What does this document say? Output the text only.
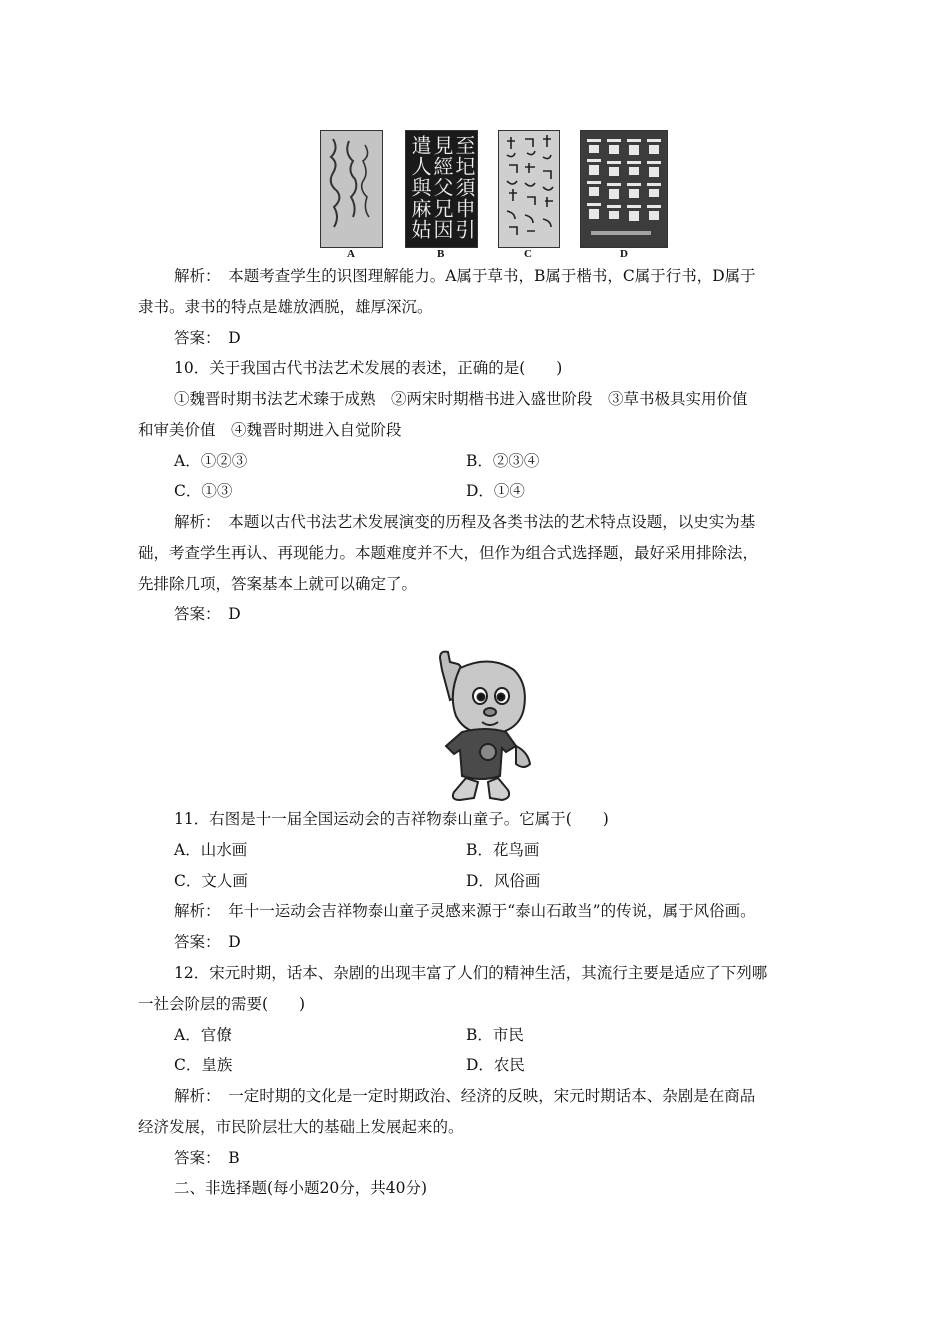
至𡉏須申引見經父兄因遣人與麻姑
A	B	C	D
解析：　本题考查学生的识图理解能力。A属于草书，B属于楷书，C属于行书，D属于
隶书。隶书的特点是雄放洒脱，雄厚深沉。
答案：　D
10．关于我国古代书法艺术发展的表述，正确的是(　　)
①魏晋时期书法艺术臻于成熟　②两宋时期楷书进入盛世阶段　③草书极具实用价值
和审美价值　④魏晋时期进入自觉阶段
A．①②③	B．②③④
C．①③	D．①④
解析：　本题以古代书法艺术发展演变的历程及各类书法的艺术特点设题，以史实为基
础，考查学生再认、再现能力。本题难度并不大，但作为组合式选择题，最好采用排除法，
先排除几项，答案基本上就可以确定了。
答案：　D
11．右图是十一届全国运动会的吉祥物泰山童子。它属于(　　)
A．山水画	B．花鸟画
C．文人画	D．风俗画
解析：　年十一运动会吉祥物泰山童子灵感来源于“泰山石敢当”的传说，属于风俗画。
答案：　D
12．宋元时期，话本、杂剧的出现丰富了人们的精神生活，其流行主要是适应了下列哪
一社会阶层的需要(　　)
A．官僚	B．市民
C．皇族	D．农民
解析：　一定时期的文化是一定时期政治、经济的反映，宋元时期话本、杂剧是在商品
经济发展，市民阶层壮大的基础上发展起来的。
答案：　B
二、非选择题(每小题20分，共40分)
